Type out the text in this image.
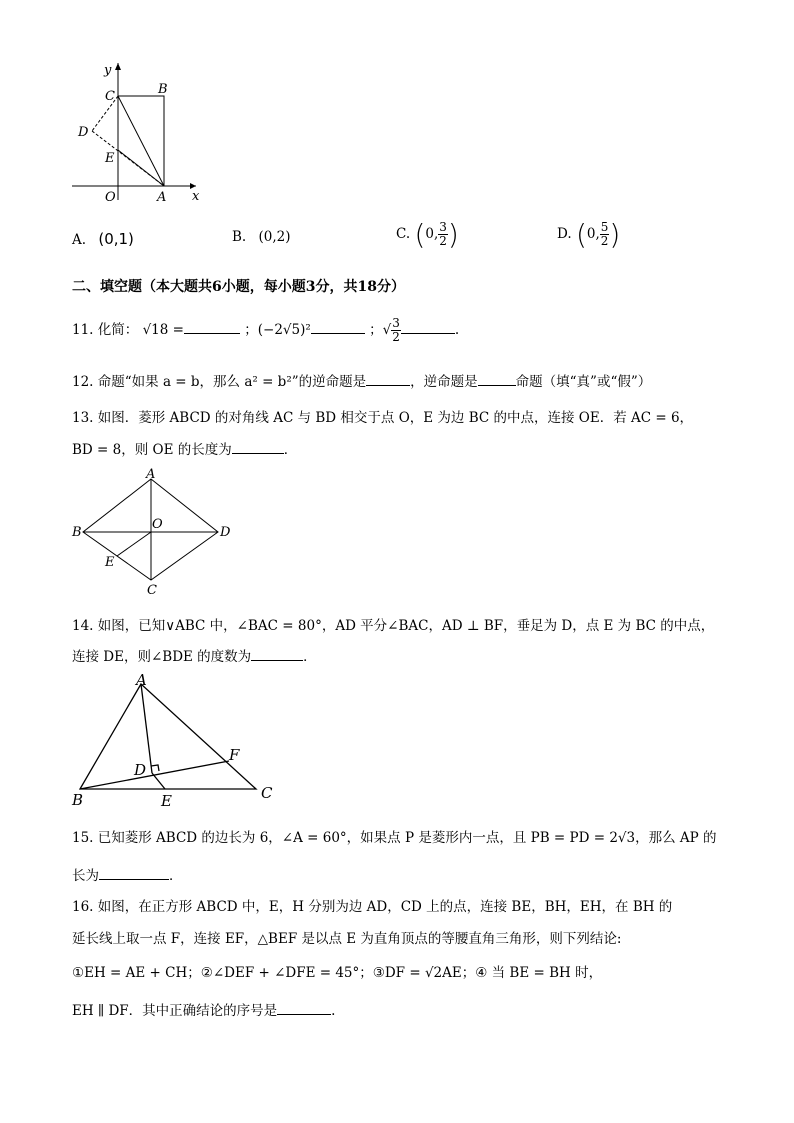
y
x
C	B
D
E
O	A
A. (0,1)	B. (0,2)	C. (0, $\frac{3}{2}$ )	D. (0, $\frac{5}{2}$ )
二、填空题（本大题共6小题，每小题3分，共18分）
11. 化简： √18 =	；(−2√5)²	；√ $\frac{3}{2}$	.
12. 命题“如果 a = b，那么 a² = b²”的逆命题是	，逆命题是	命题（填“真”或“假”）
13. 如图．菱形 ABCD 的对角线 AC 与 BD 相交于点 O，E 为边 BC 的中点，连接 OE．若 AC = 6，
BD = 8，则 OE 的长度为	．
A
B
C
D
O
E
14. 如图，已知∨ABC 中，∠BAC = 80°，AD 平分∠BAC，AD ⊥ BF，垂足为 D，点 E 为 BC 的中点，
连接 DE，则∠BDE 的度数为	．
A
B	C
D
E
F
15. 已知菱形 ABCD 的边长为 6，∠A = 60°，如果点 P 是菱形内一点，且 PB = PD = 2√3，那么 AP 的
长为	．
16. 如图，在正方形 ABCD 中，E，H 分别为边 AD，CD 上的点，连接 BE，BH，EH，在 BH 的
延长线上取一点 F，连接 EF，△BEF 是以点 E 为直角顶点的等腰直角三角形，则下列结论:
①EH = AE + CH；②∠DEF + ∠DFE = 45°；③DF = √2AE；④ 当 BE = BH 时，
EH ∥ DF．其中正确结论的序号是	.
